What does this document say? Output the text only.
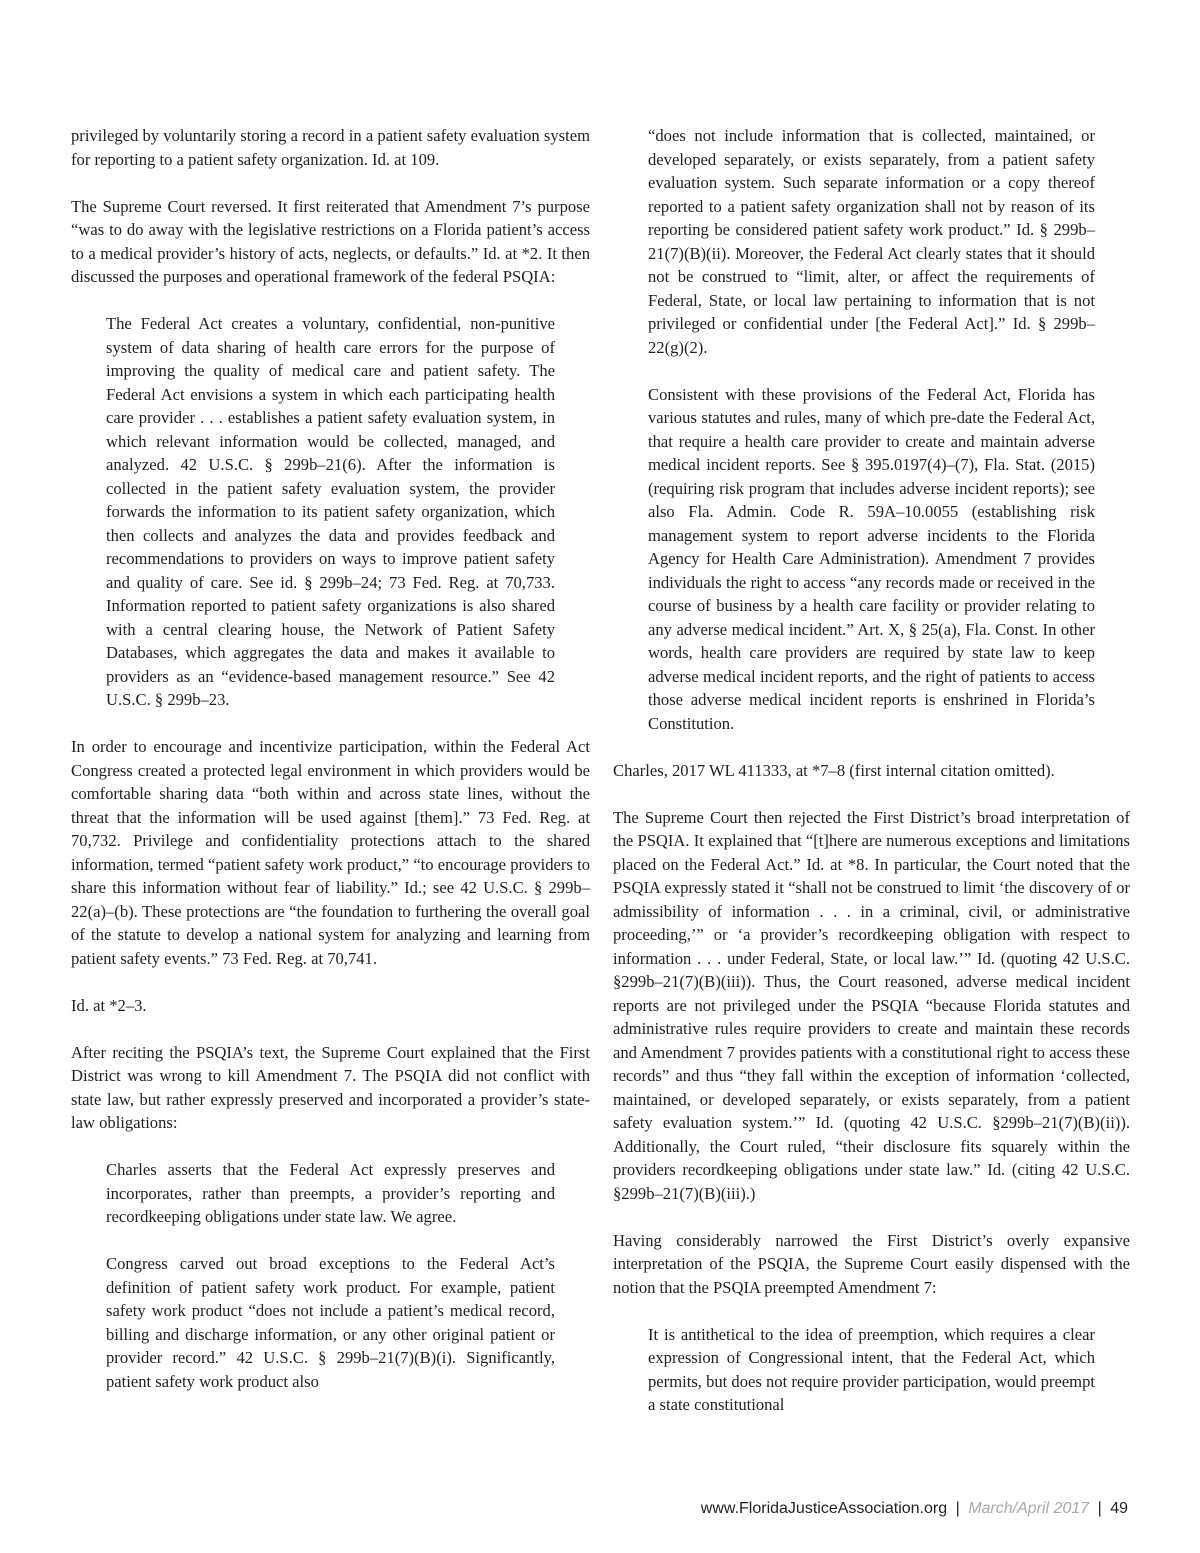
privileged by voluntarily storing a record in a patient safety evaluation system for reporting to a patient safety organization. Id. at 109.

The Supreme Court reversed. It first reiterated that Amendment 7’s purpose “was to do away with the legislative restrictions on a Florida patient’s access to a medical provider’s history of acts, neglects, or defaults.” Id. at *2. It then discussed the purposes and operational framework of the federal PSQIA:

The Federal Act creates a voluntary, confidential, non-punitive system of data sharing of health care errors for the purpose of improving the quality of medical care and patient safety. The Federal Act envisions a system in which each participating health care provider . . . establishes a patient safety evaluation system, in which relevant information would be collected, managed, and analyzed. 42 U.S.C. § 299b–21(6). After the information is collected in the patient safety evaluation system, the provider forwards the information to its patient safety organization, which then collects and analyzes the data and provides feedback and recommendations to providers on ways to improve patient safety and quality of care. See id. § 299b–24; 73 Fed. Reg. at 70,733. Information reported to patient safety organizations is also shared with a central clearing house, the Network of Patient Safety Databases, which aggregates the data and makes it available to providers as an “evidence-based management resource.” See 42 U.S.C. § 299b–23.

In order to encourage and incentivize participation, within the Federal Act Congress created a protected legal environment in which providers would be comfortable sharing data “both within and across state lines, without the threat that the information will be used against [them].” 73 Fed. Reg. at 70,732. Privilege and confidentiality protections attach to the shared information, termed “patient safety work product,” “to encourage providers to share this information without fear of liability.” Id.; see 42 U.S.C. § 299b–22(a)–(b). These protections are “the foundation to furthering the overall goal of the statute to develop a national system for analyzing and learning from patient safety events.” 73 Fed. Reg. at 70,741.

Id. at *2–3.

After reciting the PSQIA’s text, the Supreme Court explained that the First District was wrong to kill Amendment 7. The PSQIA did not conflict with state law, but rather expressly preserved and incorporated a provider’s state-law obligations:

Charles asserts that the Federal Act expressly preserves and incorporates, rather than preempts, a provider’s reporting and recordkeeping obligations under state law. We agree.

Congress carved out broad exceptions to the Federal Act’s definition of patient safety work product. For example, patient safety work product “does not include a patient’s medical record, billing and discharge information, or any other original patient or provider record.” 42 U.S.C. § 299b–21(7)(B)(i). Significantly, patient safety work product also

“does not include information that is collected, maintained, or developed separately, or exists separately, from a patient safety evaluation system. Such separate information or a copy thereof reported to a patient safety organization shall not by reason of its reporting be considered patient safety work product.” Id. § 299b–21(7)(B)(ii). Moreover, the Federal Act clearly states that it should not be construed to “limit, alter, or affect the requirements of Federal, State, or local law pertaining to information that is not privileged or confidential under [the Federal Act].” Id. § 299b–22(g)(2).

Consistent with these provisions of the Federal Act, Florida has various statutes and rules, many of which pre-date the Federal Act, that require a health care provider to create and maintain adverse medical incident reports. See § 395.0197(4)–(7), Fla. Stat. (2015) (requiring risk program that includes adverse incident reports); see also Fla. Admin. Code R. 59A–10.0055 (establishing risk management system to report adverse incidents to the Florida Agency for Health Care Administration). Amendment 7 provides individuals the right to access “any records made or received in the course of business by a health care facility or provider relating to any adverse medical incident.” Art. X, § 25(a), Fla. Const. In other words, health care providers are required by state law to keep adverse medical incident reports, and the right of patients to access those adverse medical incident reports is enshrined in Florida’s Constitution.

Charles, 2017 WL 411333, at *7–8 (first internal citation omitted).

The Supreme Court then rejected the First District’s broad interpretation of the PSQIA. It explained that “[t]here are numerous exceptions and limitations placed on the Federal Act.” Id. at *8. In particular, the Court noted that the PSQIA expressly stated it “shall not be construed to limit ‘the discovery of or admissibility of information . . . in a criminal, civil, or administrative proceeding,’” or ‘a provider’s recordkeeping obligation with respect to information . . . under Federal, State, or local law.’” Id. (quoting 42 U.S.C. §299b–21(7)(B)(iii)). Thus, the Court reasoned, adverse medical incident reports are not privileged under the PSQIA “because Florida statutes and administrative rules require providers to create and maintain these records and Amendment 7 provides patients with a constitutional right to access these records” and thus “they fall within the exception of information ‘collected, maintained, or developed separately, or exists separately, from a patient safety evaluation system.’” Id. (quoting 42 U.S.C. §299b–21(7)(B)(ii)). Additionally, the Court ruled, “their disclosure fits squarely within the providers recordkeeping obligations under state law.” Id. (citing 42 U.S.C. §299b–21(7)(B)(iii).)

Having considerably narrowed the First District’s overly expansive interpretation of the PSQIA, the Supreme Court easily dispensed with the notion that the PSQIA preempted Amendment 7:

It is antithetical to the idea of preemption, which requires a clear expression of Congressional intent, that the Federal Act, which permits, but does not require provider participation, would preempt a state constitutional

www.FloridaJusticeAssociation.org | March/April 2017 | 49
